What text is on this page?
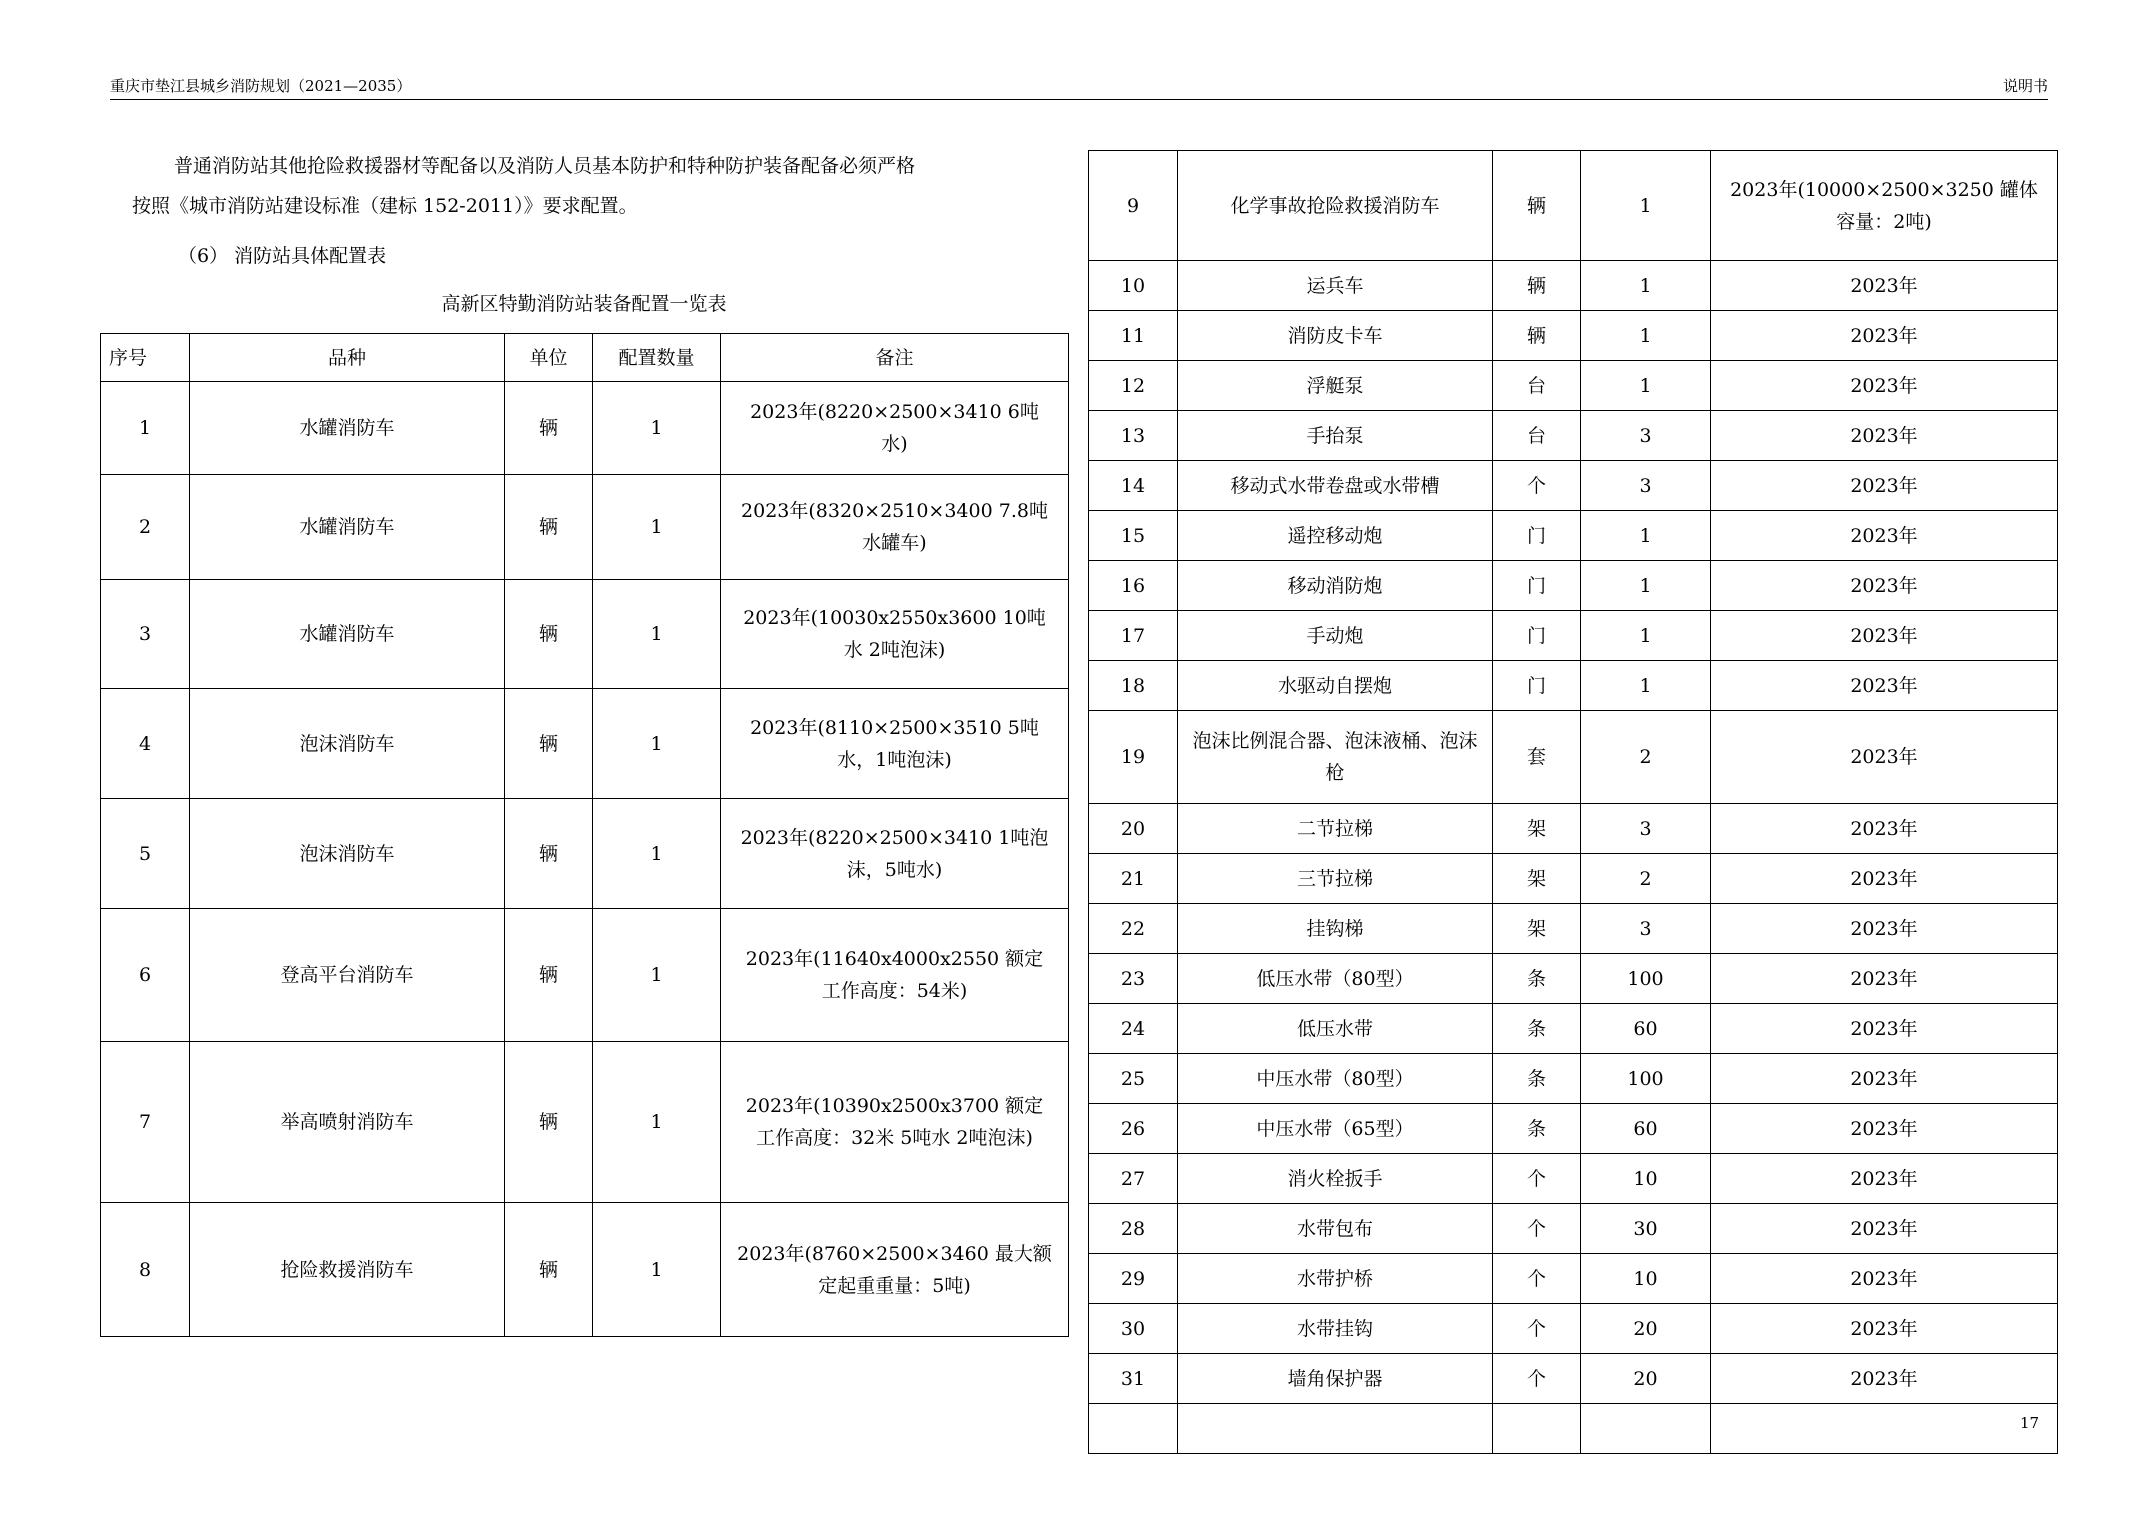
重庆市垫江县城乡消防规划（2021—2035）	说明书
普通消防站其他抢险救援器材等配备以及消防人员基本防护和特种防护装备配备必须严格
按照《城市消防站建设标准（建标 152-2011）》要求配置。
（6） 消防站具体配置表
高新区特勤消防站装备配置一览表
序号	品种	单位	配置数量	备注
1	水罐消防车	辆	1	2023年(8220×2500×3410 6吨水)
2	水罐消防车	辆	1	2023年(8320×2510×3400 7.8吨水罐车)
3	水罐消防车	辆	1	2023年(10030x2550x3600 10吨水 2吨泡沫)
4	泡沫消防车	辆	1	2023年(8110×2500×3510 5吨水，1吨泡沫)
5	泡沫消防车	辆	1	2023年(8220×2500×3410 1吨泡沫，5吨水)
6	登高平台消防车	辆	1	2023年(11640x4000x2550 额定工作高度：54米)
7	举高喷射消防车	辆	1	2023年(10390x2500x3700 额定工作高度：32米 5吨水 2吨泡沫)
8	抢险救援消防车	辆	1	2023年(8760×2500×3460 最大额定起重重量：5吨)
9	化学事故抢险救援消防车	辆	1	2023年(10000×2500×3250 罐体容量：2吨)
10	运兵车	辆	1	2023年
11	消防皮卡车	辆	1	2023年
12	浮艇泵	台	1	2023年
13	手抬泵	台	3	2023年
14	移动式水带卷盘或水带槽	个	3	2023年
15	遥控移动炮	门	1	2023年
16	移动消防炮	门	1	2023年
17	手动炮	门	1	2023年
18	水驱动自摆炮	门	1	2023年
19	泡沫比例混合器、泡沫液桶、泡沫枪	套	2	2023年
20	二节拉梯	架	3	2023年
21	三节拉梯	架	2	2023年
22	挂钩梯	架	3	2023年
23	低压水带（80型）	条	100	2023年
24	低压水带	条	60	2023年
25	中压水带（80型）	条	100	2023年
26	中压水带（65型）	条	60	2023年
27	消火栓扳手	个	10	2023年
28	水带包布	个	30	2023年
29	水带护桥	个	10	2023年
30	水带挂钩	个	20	2023年
31	墙角保护器	个	20	2023年

17
